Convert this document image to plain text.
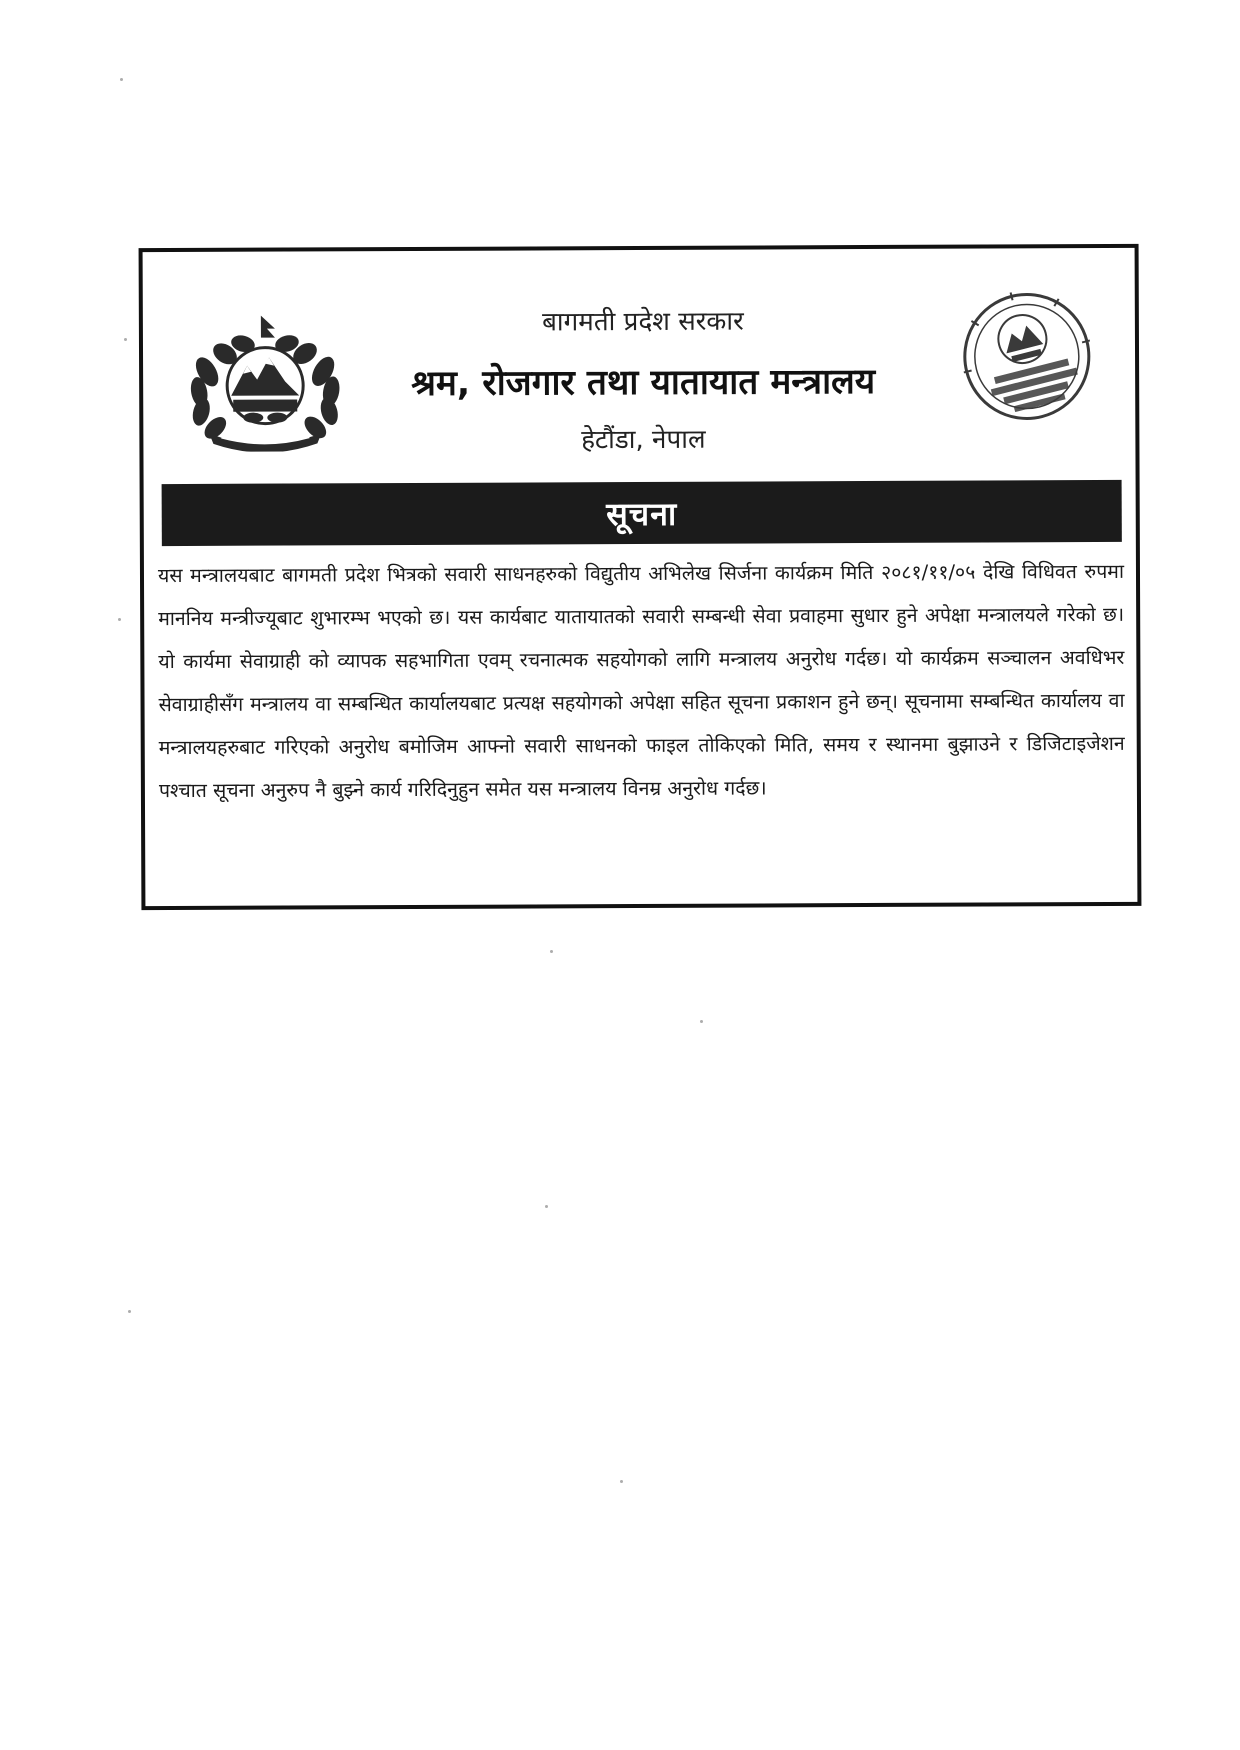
बागमती प्रदेश सरकार
श्रम, रोजगार तथा यातायात मन्त्रालय
हेटौंडा, नेपाल
सूचना
यस मन्त्रालयबाट बागमती प्रदेश भित्रको सवारी साधनहरुको विद्युतीय अभिलेख सिर्जना कार्यक्रम मिति २०८१/११/०५ देखि विधिवत रुपमा माननिय मन्त्रीज्यूबाट शुभारम्भ भएको छ। यस कार्यबाट यातायातको सवारी सम्बन्धी सेवा प्रवाहमा सुधार हुने अपेक्षा मन्त्रालयले गरेको छ। यो कार्यमा सेवाग्राही को व्यापक सहभागिता एवम् रचनात्मक सहयोगको लागि मन्त्रालय अनुरोध गर्दछ। यो कार्यक्रम सञ्चालन अवधिभर सेवाग्राहीसँग मन्त्रालय वा सम्बन्धित कार्यालयबाट प्रत्यक्ष सहयोगको अपेक्षा सहित सूचना प्रकाशन हुने छन्। सूचनामा सम्बन्धित कार्यालय वा मन्त्रालयहरुबाट गरिएको अनुरोध बमोजिम आफ्नो सवारी साधनको फाइल तोकिएको मिति, समय र स्थानमा बुझाउने र डिजिटाइजेशन पश्चात सूचना अनुरुप नै बुझ्ने कार्य गरिदिनुहुन समेत यस मन्त्रालय विनम्र अनुरोध गर्दछ।
